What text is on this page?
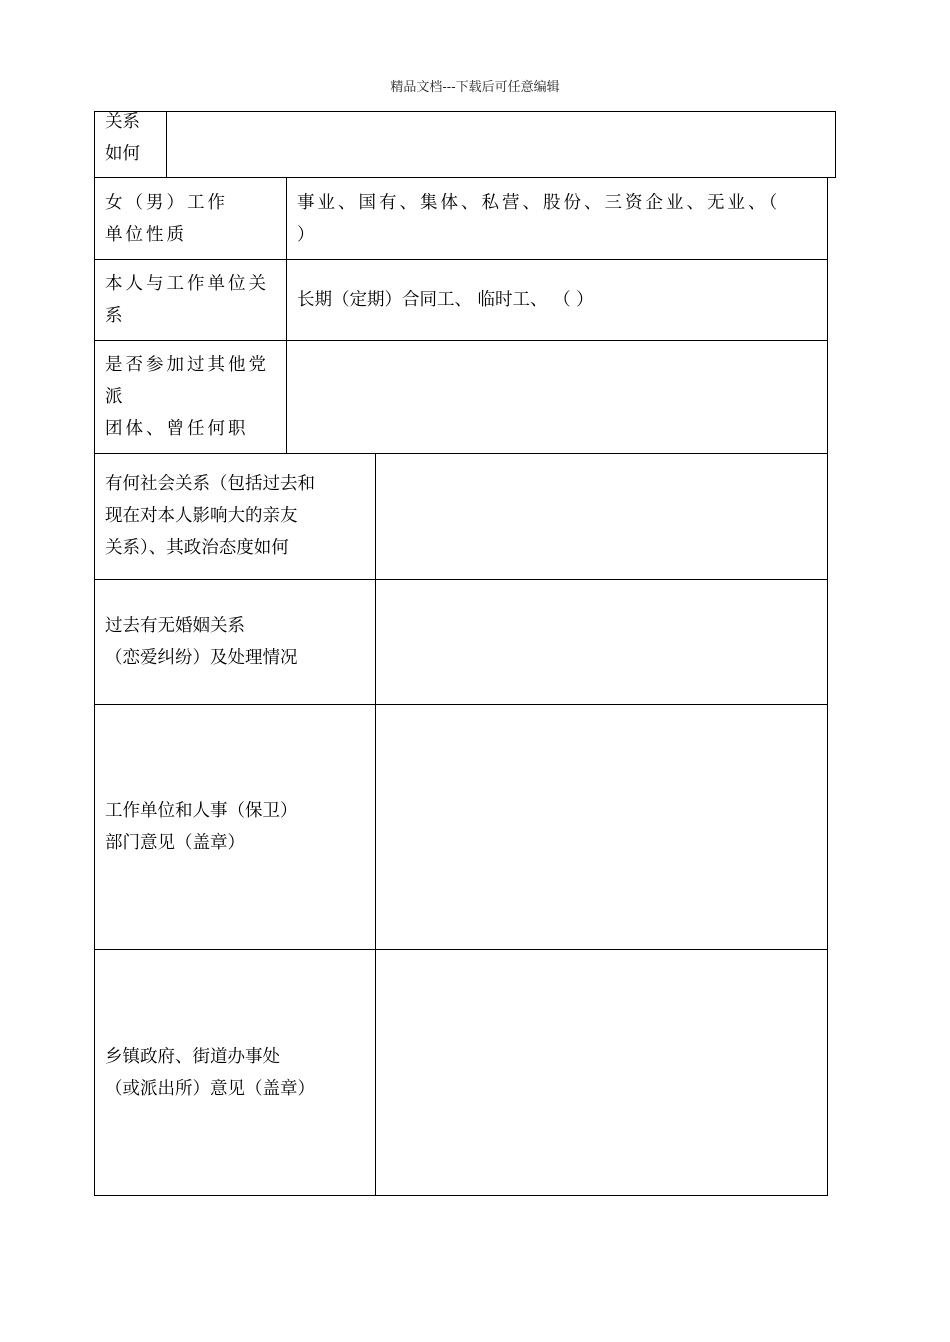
精品文档---下载后可任意编辑
关系
如何
女（男）工作
单位性质
事业、国有、集体、私营、股份、三资企业、无业、（
）
本人与工作单位关
系
长期（定期）合同工、 临时工、 （ ）
是否参加过其他党
派
团体、曾任何职
有何社会关系（包括过去和
现在对本人影响大的亲友
关系）、其政治态度如何
过去有无婚姻关系
（恋爱纠纷）及处理情况
工作单位和人事（保卫）
部门意见（盖章）
乡镇政府、街道办事处
（或派出所）意见（盖章）
